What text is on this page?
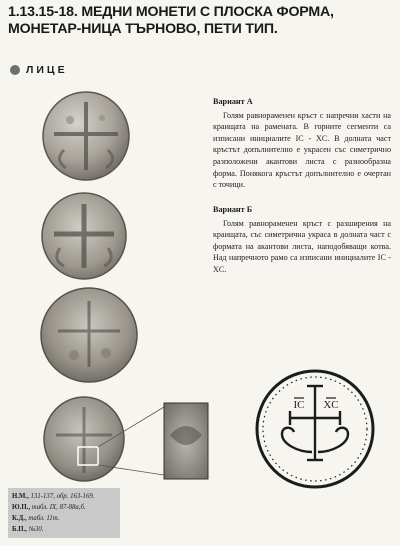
1.13.15-18. МЕДНИ МОНЕТИ С ПЛОСКА ФОРМА, МОНЕТАР-НИЦА ТЪРНОВО, ПЕТИ ТИП.
ЛИЦЕ
Вариант А

Голям равнораменен кръст с напречни хасти на краищата на рамената. В горните сегменти са изписани инициалите IC - XC. В долната част кръстът допълнително е украсен със симетрично разположени акантови листа с разнообразна форма. Понякога кръстът допълнително е очертан с точици.

Вариант Б

Голям равнораменен кръст с разширения на краищата, със симетрична украса в долната част с формата на акантови листа, наподобяващи котва. Над напречното рамо са изписани инициалите IC - XC.

IC XC
Н.М., 131-137, обр. 163-169.
Ю.П., табл. IX, 87-88а,б.
К.Д., табл. 11т.
Б.П., №30.
